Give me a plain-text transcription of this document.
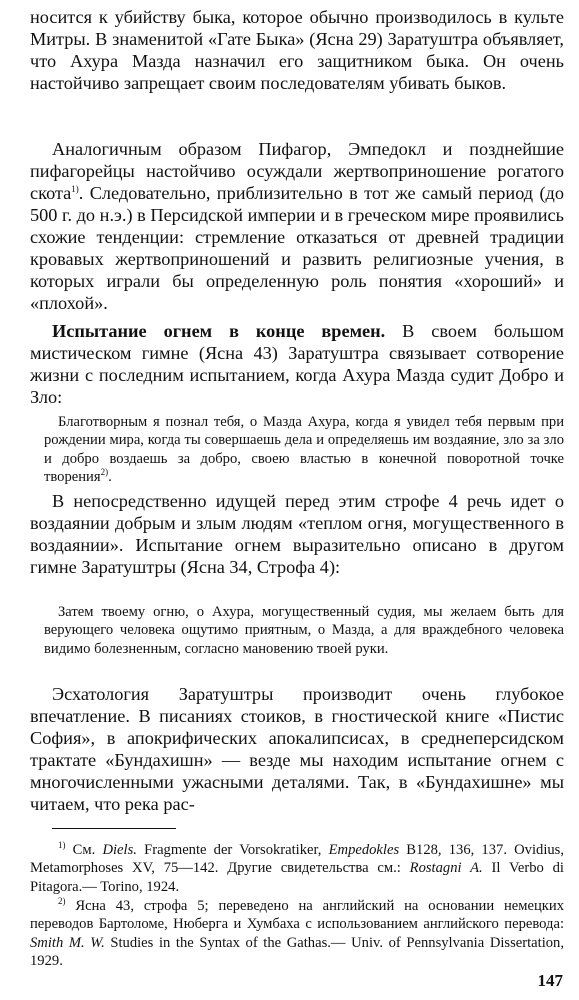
носится к убийству быка, которое обычно производилось в культе Митры. В знаменитой «Гате Быка» (Ясна 29) Заратуштра объявляет, что Ахура Мазда назначил его защитником быка. Он очень настойчиво запрещает своим последователям убивать быков.

Аналогичным образом Пифагор, Эмпедокл и позднейшие пифагорейцы настойчиво осуждали жертвоприношение рогатого скота$^{1)}$. Следовательно, приблизительно в тот же самый период (до 500 г. до н.э.) в Персидской империи и в греческом мире проявились схожие тенденции: стремление отказаться от древней традиции кровавых жертвоприношений и развить религиозные учения, в которых играли бы определенную роль понятия «хороший» и «плохой».

Испытание огнем в конце времен. В своем большом мистическом гимне (Ясна 43) Заратуштра связывает сотворение жизни с последним испытанием, когда Ахура Мазда судит Добро и Зло:

Благотворным я познал тебя, о Мазда Ахура, когда я увидел тебя первым при рождении мира, когда ты совершаешь дела и определяешь им воздаяние, зло за зло и добро воздаешь за добро, своею властью в конечной поворотной точке творения$^{2)}$.

В непосредственно идущей перед этим строфе 4 речь идет о воздаянии добрым и злым людям «теплом огня, могущественного в воздаянии». Испытание огнем выразительно описано в другом гимне Заратуштры (Ясна 34, Строфа 4):

Затем твоему огню, о Ахура, могущественный судия, мы желаем быть для верующего человека ощутимо приятным, о Мазда, а для враждебного человека видимо болезненным, согласно мановению твоей руки.

Эсхатология Заратуштры производит очень глубокое впечатление. В писаниях стоиков, в гностической книге «Пистис София», в апокрифических апокалипсисах, в среднеперсидском трактате «Бундахишн» — везде мы находим испытание огнем с многочисленными ужасными деталями. Так, в «Бундахишне» мы читаем, что река рас-

$^{1)}$ См. Diels. Fragmente der Vorsokratiker, Empedokles B128, 136, 137. Ovidius, Metamorphoses XV, 75—142. Другие свидетельства см.: Rostagni A. Il Verbo di Pitagora.— Torino, 1924.

$^{2)}$ Ясна 43, строфа 5; переведено на английский на основании немецких переводов Бартоломе, Нюберга и Хумбаха с использованием английского перевода: Smith M. W. Studies in the Syntax of the Gathas.— Univ. of Pennsylvania Dissertation, 1929.

147
